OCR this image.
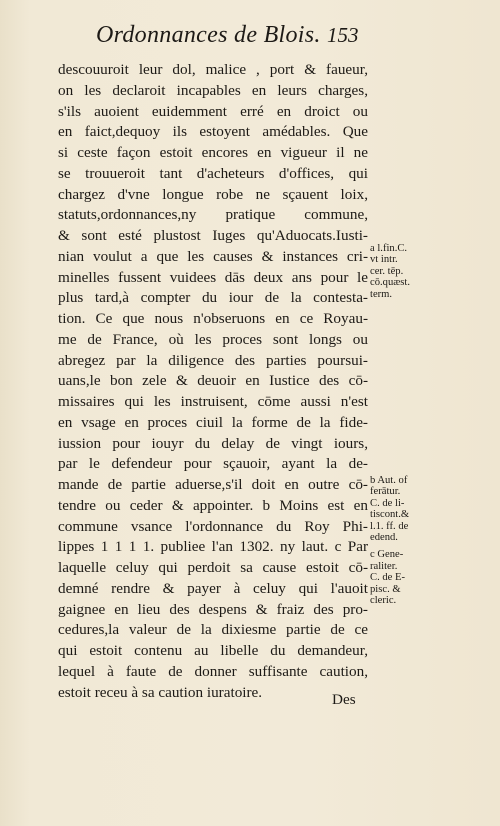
Ordonnances de Blois. 153
descouuroit leur dol, malice , port & faueur,
on les declaroit incapables en leurs charges,
s'ils auoient euidemment erré en droict ou
en faict,dequoy ils estoyent amédables. Que
si ceste façon estoit encores en vigueur il ne
se trouueroit tant d'acheteurs d'offices, qui
chargez d'vne longue robe ne sçauent loix,
statuts,ordonnances,ny pratique commune,
& sont esté plustost Iuges qu'Aduocats.Iusti-
nian voulut a que les causes & instances cri-
minelles fussent vuidees dās deux ans pour le
plus tard,à compter du iour de la contesta-
tion. Ce que nous n'obseruons en ce Royau-
me de France, où les proces sont longs ou
abregez par la diligence des parties poursui-
uans,le bon zele & deuoir en Iustice des cō-
missaires qui les instruisent, cōme aussi n'est
en vsage en proces ciuil la forme de la fide-
iussion pour iouyr du delay de vingt iours,
par le defendeur pour sçauoir, ayant la de-
mande de partie aduerse,s'il doit en outre cō-
tendre ou ceder & appointer. b Moins est en
commune vsance l'ordonnance du Roy Phi-
lippes 1 1 1 1. publiee l'an 1302. ny laut. c Par
laquelle celuy qui perdoit sa cause estoit cō-
demné rendre & payer à celuy qui l'auoit
gaignee en lieu des despens & fraiz des pro-
cedures,la valeur de la dixiesme partie de ce
qui estoit contenu au libelle du demandeur,
lequel à faute de donner suffisante caution,
estoit receu à sa caution iuratoire.	Des
a l.fin.C.
vt intr.
cer. tēp.
cō.quæst.
term.
b Aut. of
ferātur.
C. de li-
tiscont.&
l.1. ff. de
edend.
c Gene-
raliter.
C. de E-
pisc. &
cleric.
